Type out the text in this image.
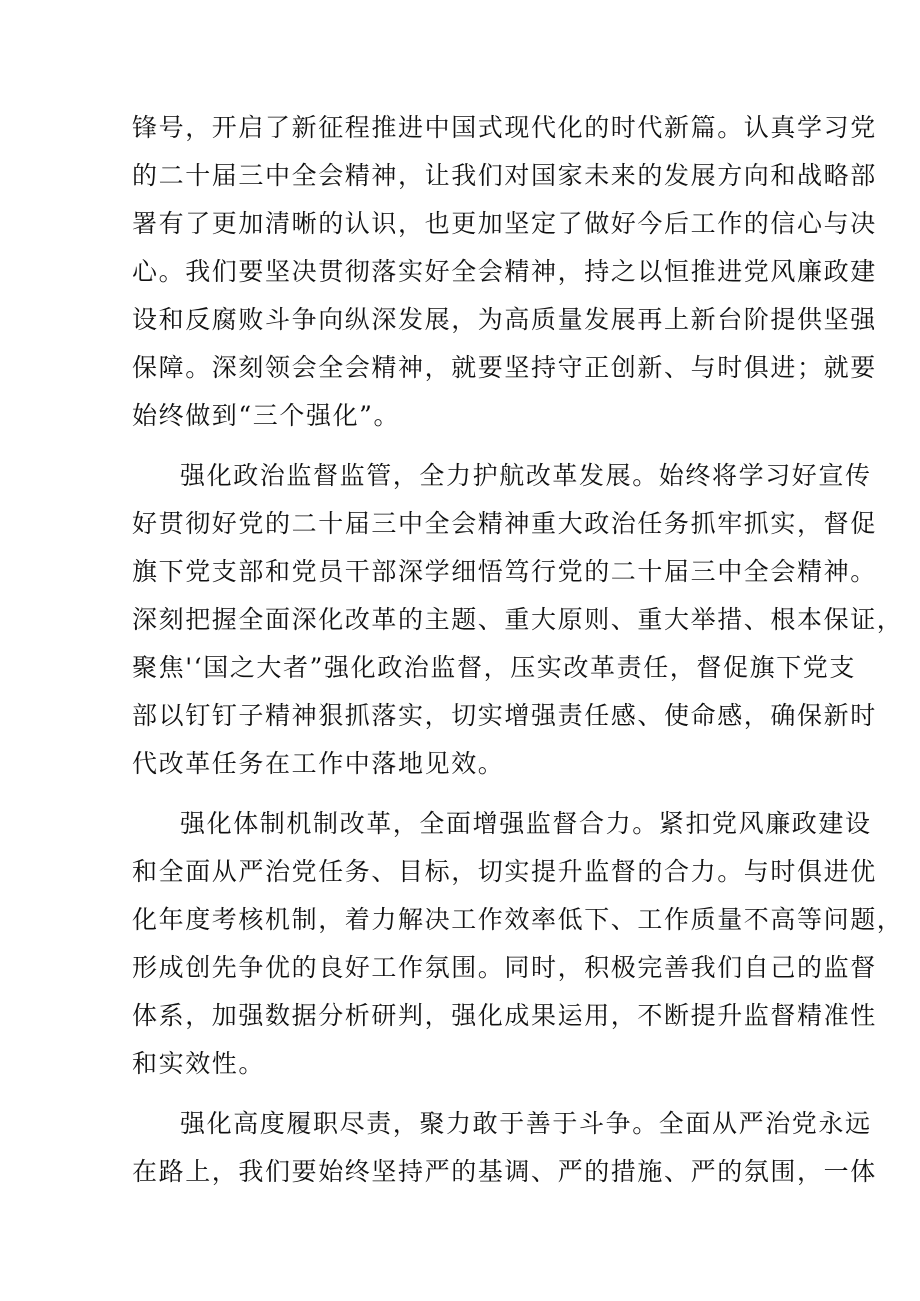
锋号，开启了新征程推进中国式现代化的时代新篇。认真学习党
的二十届三中全会精神，让我们对国家未来的发展方向和战略部
署有了更加清晰的认识，也更加坚定了做好今后工作的信心与决
心。我们要坚决贯彻落实好全会精神，持之以恒推进党风廉政建
设和反腐败斗争向纵深发展，为高质量发展再上新台阶提供坚强
保障。深刻领会全会精神，就要坚持守正创新、与时俱进；就要
始终做到“三个强化”。
强化政治监督监管，全力护航改革发展。始终将学习好宣传
好贯彻好党的二十届三中全会精神重大政治任务抓牢抓实，督促
旗下党支部和党员干部深学细悟笃行党的二十届三中全会精神。
深刻把握全面深化改革的主题、重大原则、重大举措、根本保证，
聚焦'‘国之大者”强化政治监督，压实改革责任，督促旗下党支
部以钉钉子精神狠抓落实，切实增强责任感、使命感，确保新时
代改革任务在工作中落地见效。
强化体制机制改革，全面增强监督合力。紧扣党风廉政建设
和全面从严治党任务、目标，切实提升监督的合力。与时俱进优
化年度考核机制，着力解决工作效率低下、工作质量不高等问题，
形成创先争优的良好工作氛围。同时，积极完善我们自己的监督
体系，加强数据分析研判，强化成果运用，不断提升监督精准性
和实效性。
强化高度履职尽责，聚力敢于善于斗争。全面从严治党永远
在路上，我们要始终坚持严的基调、严的措施、严的氛围，一体
